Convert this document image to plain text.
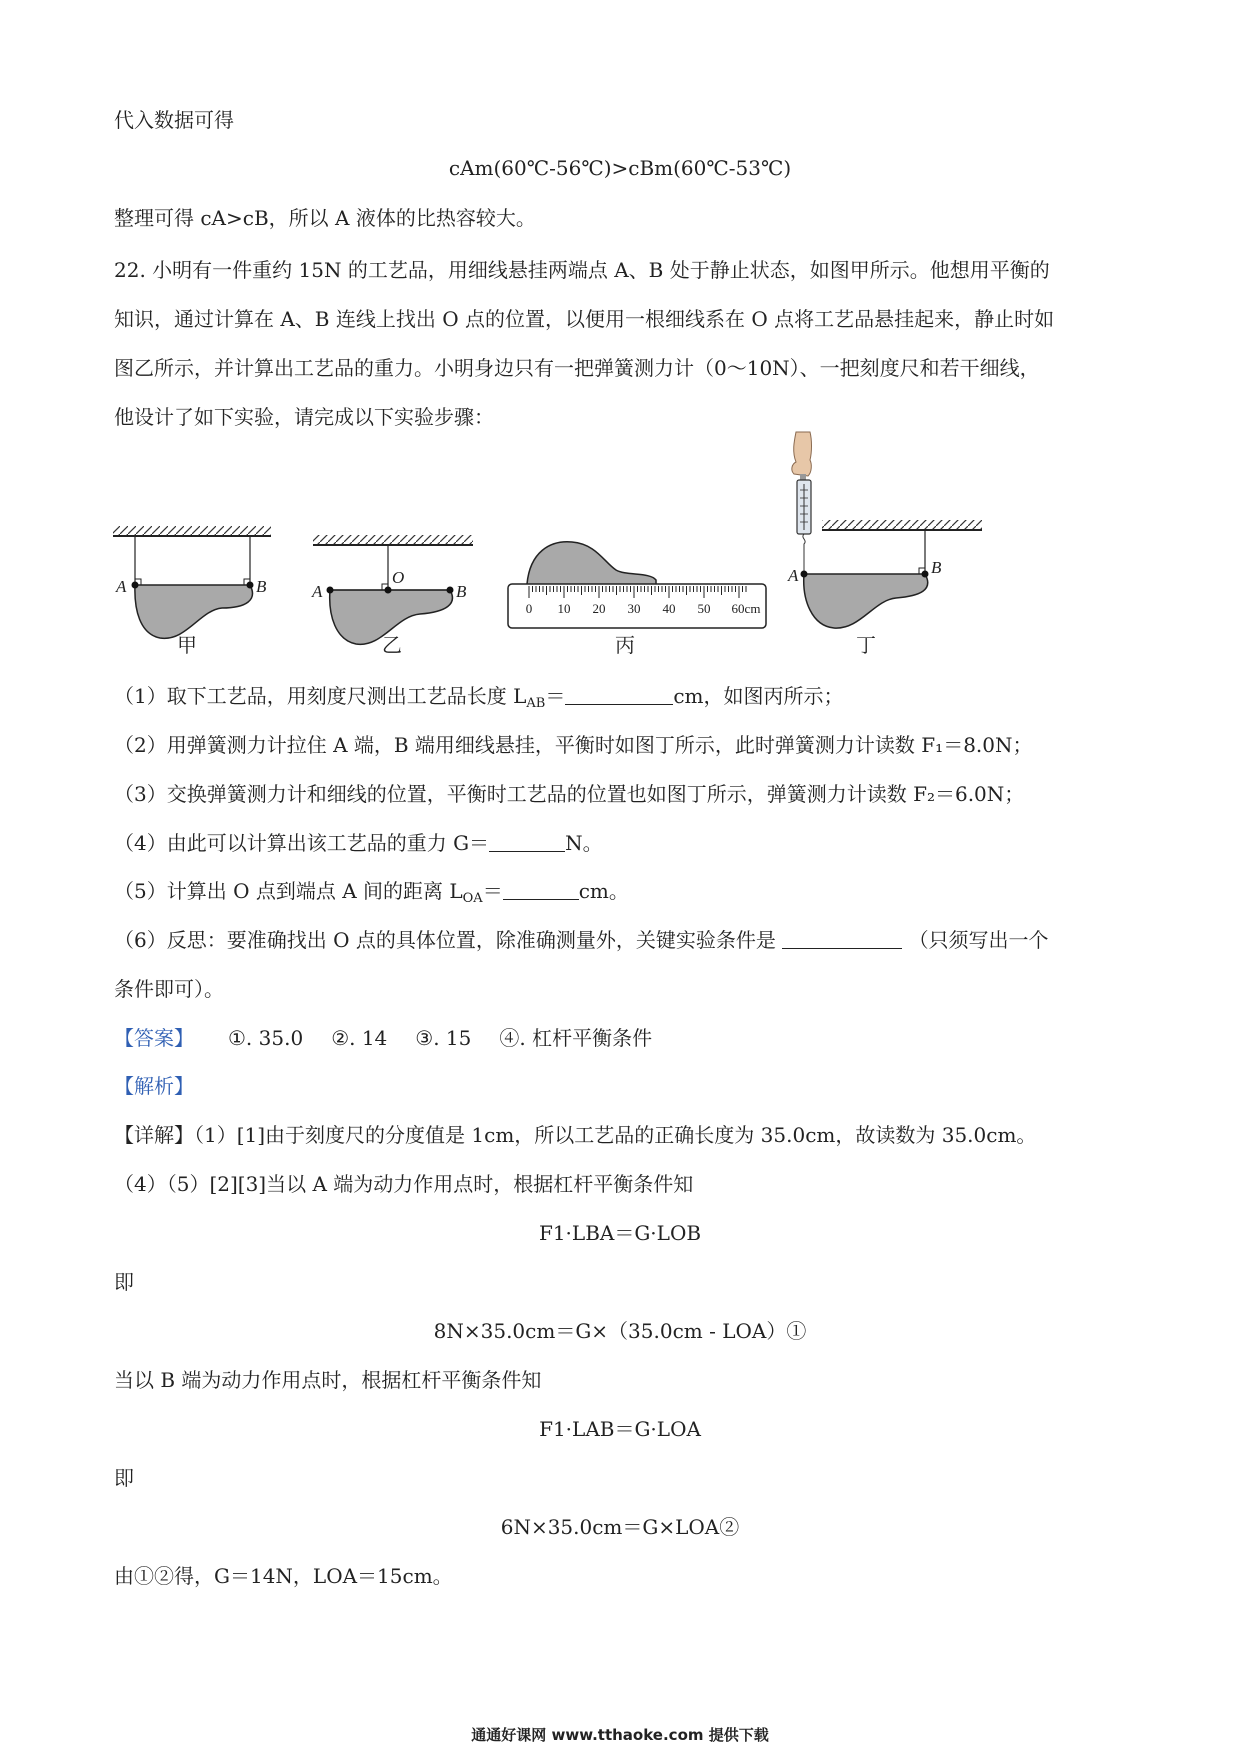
代入数据可得
cAm(60℃-56℃)>cBm(60℃-53℃)
整理可得 cA>cB，所以 A 液体的比热容较大。
22. 小明有一件重约 15N 的工艺品，用细线悬挂两端点 A、B 处于静止状态，如图甲所示。他想用平衡的
知识，通过计算在 A、B 连线上找出 O 点的位置，以便用一根细线系在 O 点将工艺品悬挂起来，静止时如
图乙所示，并计算出工艺品的重力。小明身边只有一把弹簧测力计（0～10N）、一把刻度尺和若干细线，
他设计了如下实验，请完成以下实验步骤：
A	B	A
O
B
0 10 20 30 40 50 60cm
A	B
甲	乙	丙	丁
（1）取下工艺品，用刻度尺测出工艺品长度 $L_{AB}=$	cm，如图丙所示；
（2）用弹簧测力计拉住 A 端，B 端用细线悬挂，平衡时如图丁所示，此时弹簧测力计读数 F₁＝8.0N；
（3）交换弹簧测力计和细线的位置，平衡时工艺品的位置也如图丁所示，弹簧测力计读数 F₂＝6.0N；
（4）由此可以计算出该工艺品的重力 G＝	N。
（5）计算出 O 点到端点 A 间的距离 $L_{OA}=$	cm。
（6）反思：要准确找出 O 点的具体位置，除准确测量外，关键实验条件是	（只须写出一个
条件即可）。
【答案】 ①. 35.0 ②. 14 ③. 15 ④. 杠杆平衡条件
【解析】
【详解】（1）[1]由于刻度尺的分度值是 1cm，所以工艺品的正确长度为 35.0cm，故读数为 35.0cm。
（4）（5）[2][3]当以 A 端为动力作用点时，根据杠杆平衡条件知
F1·LBA＝G·LOB
即
8N×35.0cm＝G×（35.0cm - LOA）①
当以 B 端为动力作用点时，根据杠杆平衡条件知
F1·LAB＝G·LOA
即
6N×35.0cm＝G×LOA②
由①②得，G＝14N，LOA＝15cm。
通通好课网 www.tthaoke.com 提供下载
